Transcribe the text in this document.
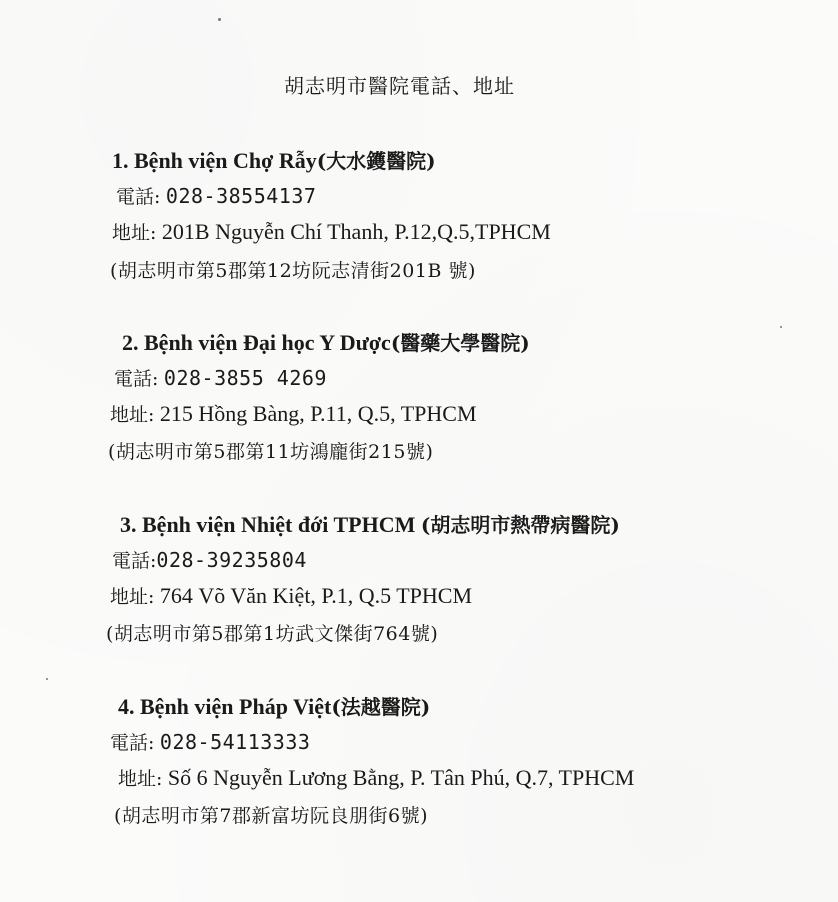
胡志明市醫院電話、地址
1. Bệnh viện Chợ Rẫy(大水鑊醫院)
電話: 028-38554137
地址: 201B Nguyễn Chí Thanh, P.12,Q.5,TPHCM
(胡志明市第5郡第12坊阮志清街201B 號)
2. Bệnh viện Đại học Y Dược(醫藥大學醫院)
電話: 028-3855 4269
地址: 215 Hồng Bàng, P.11, Q.5, TPHCM
(胡志明市第5郡第11坊鴻龐街215號)
3. Bệnh viện Nhiệt đới TPHCM (胡志明市熱帶病醫院)
電話:028-39235804
地址: 764 Võ Văn Kiệt, P.1, Q.5 TPHCM
(胡志明市第5郡第1坊武文傑街764號)
4. Bệnh viện Pháp Việt(法越醫院)
電話: 028-54113333
地址: Số 6 Nguyễn Lương Bằng, P. Tân Phú, Q.7, TPHCM
(胡志明市第7郡新富坊阮良朋街6號)
